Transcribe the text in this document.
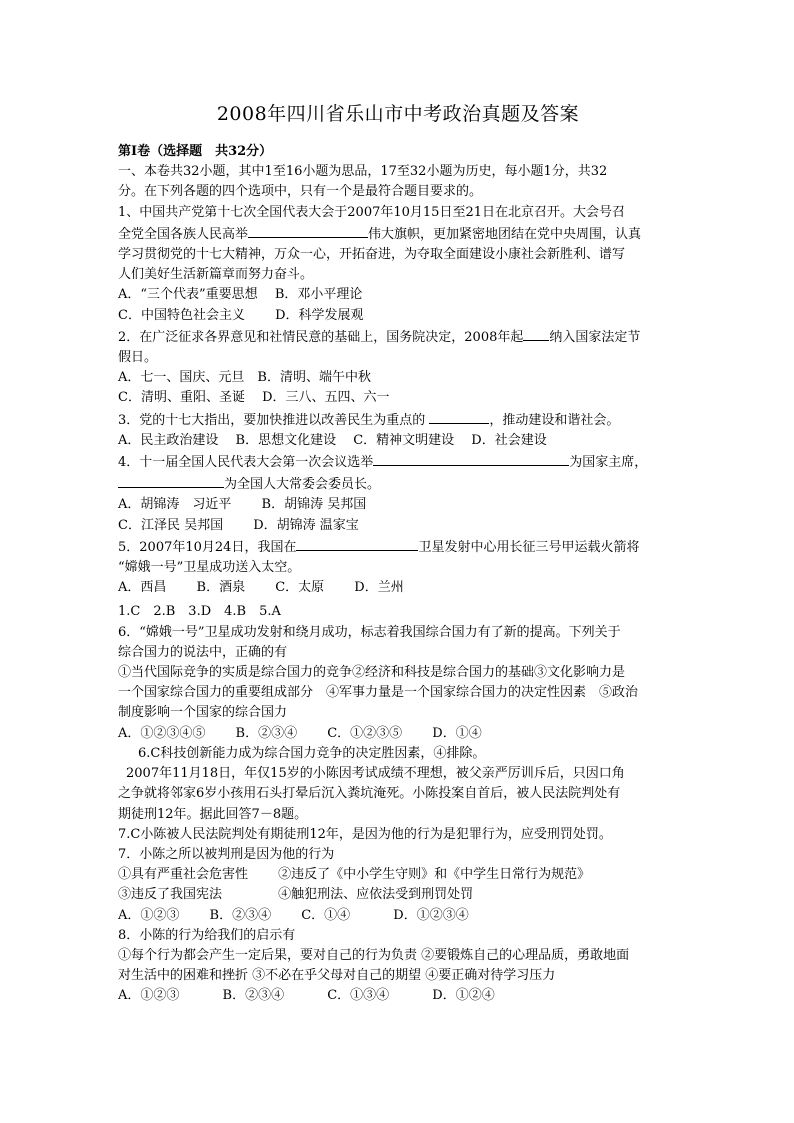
2008年四川省乐山市中考政治真题及答案
第Ⅰ卷（选择题　共32分）
一、本卷共32小题，其中1至16小题为思品，17至32小题为历史，每小题1分，共32
分。在下列各题的四个选项中，只有一个是最符合题目要求的。
1、中国共产党第十七次全国代表大会于2007年10月15日至21日在北京召开。大会号召
全党全国各族人民高举	伟大旗帜，更加紧密地团结在党中央周围，认真
学习贯彻党的十七大精神，万众一心，开拓奋进，为夺取全面建设小康社会新胜利、谱写
人们美好生活新篇章而努力奋斗。
A．“三个代表”重要思想　 B．邓小平理论
C．中国特色社会主义　　 D．科学发展观
2．在广泛征求各界意见和社情民意的基础上，国务院决定，2008年起 纳入国家法定节
假日。
A．七一、国庆、元旦　B．清明、端午中秋
C．清明、重阳、圣诞　 D．三八、五四、六一
3．党的十七大指出，要加快推进以改善民生为重点的	，推动建设和谐社会。
A．民主政治建设　 B．思想文化建设　 C．精神文明建设　 D．社会建设
4．十一届全国人民代表大会第一次会议选举	为国家主席，
为全国人大常委会委员长。
A．胡锦涛　习近平　　 B．胡锦涛 吴邦国
C．江泽民 吴邦国　　 D．胡锦涛 温家宝
5．2007年10月24日，我国在	卫星发射中心用长征三号甲运载火箭将
“嫦娥一号”卫星成功送入太空。
A．西昌　　 B．酒泉　　 C．太原　　 D．兰州
1.C　2.B　3.D　4.B　5.A
6．“嫦娥一号”卫星成功发射和绕月成功，标志着我国综合国力有了新的提高。下列关于
综合国力的说法中，正确的有
①当代国际竞争的实质是综合国力的竞争②经济和科技是综合国力的基础③文化影响力是
一个国家综合国力的重要组成部分　④军事力量是一个国家综合国力的决定性因素　⑤政治
制度影响一个国家的综合国力
A．①②③④⑤　　 B．②③④　　 C．①②③⑤　　 D．①④
6.C科技创新能力成为综合国力竞争的决定胜因素，④排除。
2007年11月18日，年仅15岁的小陈因考试成绩不理想，被父亲严厉训斥后，只因口角
之争就将邻家6岁小孩用石头打晕后沉入粪坑淹死。小陈投案自首后，被人民法院判处有
期徒刑12年。据此回答7－8题。
7.C小陈被人民法院判处有期徒刑12年，是因为他的行为是犯罪行为，应受刑罚处罚。
7．小陈之所以被判刑是因为他的行为
①具有严重社会危害性　　 ②违反了《中小学生守则》和《中学生日常行为规范》
③违反了我国宪法　　　　 ④触犯刑法、应依法受到刑罚处罚
A．①②③　　 B．②③④　　 C．①④　　　 D．①②③④
8．小陈的行为给我们的启示有
①每个行为都会产生一定后果，要对自己的行为负责 ②要锻炼自己的心理品质，勇敢地面
对生活中的困难和挫折 ③不必在乎父母对自己的期望 ④要正确对待学习压力
A．①②③　　　 B．②③④　　　 C．①③④　　　 D．①②④
